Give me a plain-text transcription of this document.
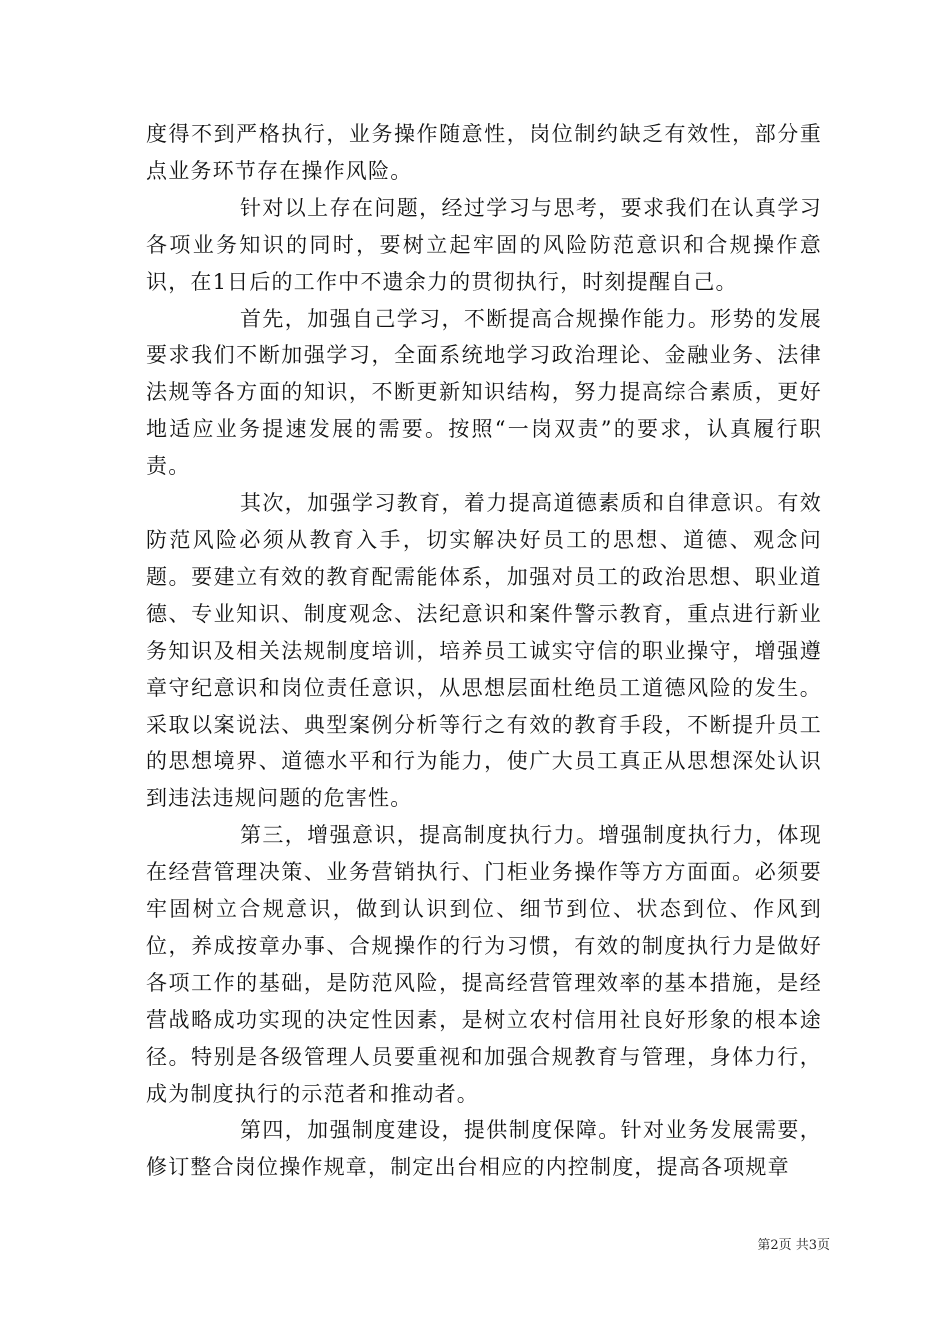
度得不到严格执行，业务操作随意性，岗位制约缺乏有效性，部分重点业务环节存在操作风险。

针对以上存在问题，经过学习与思考，要求我们在认真学习各项业务知识的同时，要树立起牢固的风险防范意识和合规操作意识，在1日后的工作中不遗余力的贯彻执行，时刻提醒自己。

首先，加强自己学习，不断提高合规操作能力。形势的发展要求我们不断加强学习，全面系统地学习政治理论、金融业务、法律法规等各方面的知识，不断更新知识结构，努力提高综合素质，更好地适应业务提速发展的需要。按照“一岗双责”的要求，认真履行职责。

其次，加强学习教育，着力提高道德素质和自律意识。有效防范风险必须从教育入手，切实解决好员工的思想、道德、观念问题。要建立有效的教育配需能体系，加强对员工的政治思想、职业道德、专业知识、制度观念、法纪意识和案件警示教育，重点进行新业务知识及相关法规制度培训，培养员工诚实守信的职业操守，增强遵章守纪意识和岗位责任意识，从思想层面杜绝员工道德风险的发生。采取以案说法、典型案例分析等行之有效的教育手段，不断提升员工的思想境界、道德水平和行为能力，使广大员工真正从思想深处认识到违法违规问题的危害性。

第三，增强意识，提高制度执行力。增强制度执行力，体现在经营管理决策、业务营销执行、门柜业务操作等方方面面。必须要牢固树立合规意识，做到认识到位、细节到位、状态到位、作风到位，养成按章办事、合规操作的行为习惯，有效的制度执行力是做好各项工作的基础，是防范风险，提高经营管理效率的基本措施，是经营战略成功实现的决定性因素，是树立农村信用社良好形象的根本途径。特别是各级管理人员要重视和加强合规教育与管理，身体力行，成为制度执行的示范者和推动者。

第四，加强制度建设，提供制度保障。针对业务发展需要，修订整合岗位操作规章，制定出台相应的内控制度，提高各项规章

第2页 共3页
